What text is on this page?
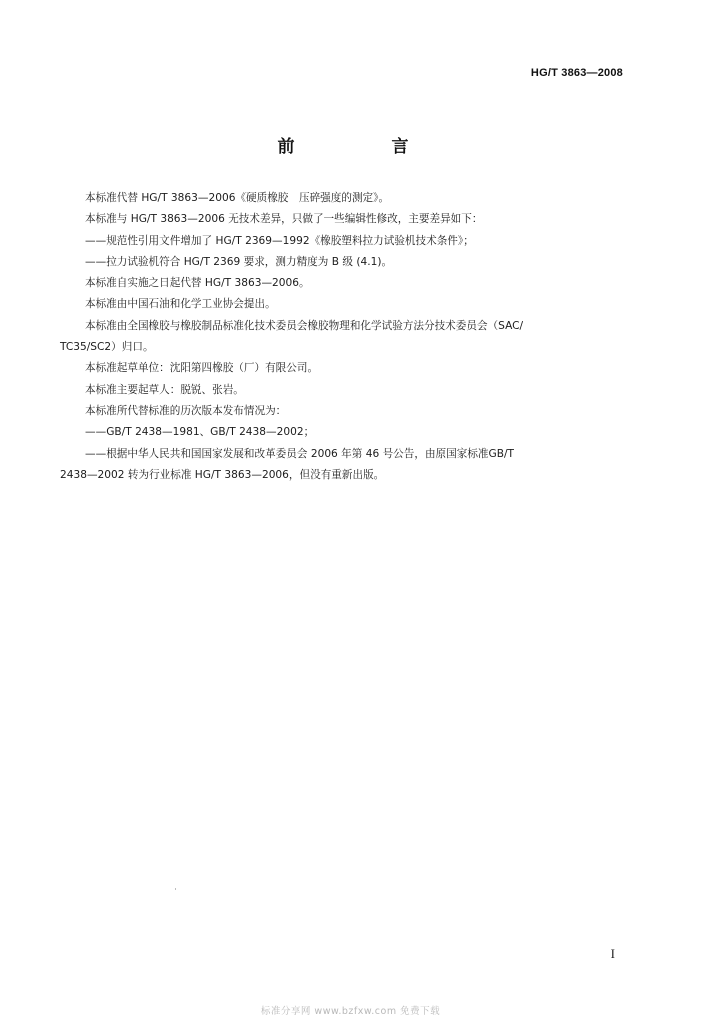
HG/T 3863—2008
前　言

本标准代替 HG/T 3863—2006《硬质橡胶　压碎强度的测定》。

本标准与 HG/T 3863—2006 无技术差异，只做了一些编辑性修改，主要差异如下：

——规范性引用文件增加了 HG/T 2369—1992《橡胶塑料拉力试验机技术条件》；

——拉力试验机符合 HG/T 2369 要求，测力精度为 B 级 (4.1)。

本标准自实施之日起代替 HG/T 3863—2006。

本标准由中国石油和化学工业协会提出。

本标准由全国橡胶与橡胶制品标准化技术委员会橡胶物理和化学试验方法分技术委员会（SAC/

TC35/SC2）归口。

本标准起草单位：沈阳第四橡胶（厂）有限公司。

本标准主要起草人：脱锐、张岩。

本标准所代替标准的历次版本发布情况为：

——GB/T 2438—1981、GB/T 2438—2002；

——根据中华人民共和国国家发展和改革委员会 2006 年第 46 号公告，由原国家标准GB/T

2438—2002 转为行业标准 HG/T 3863—2006，但没有重新出版。

I
标准分享网 www.bzfxw.com 免费下载
